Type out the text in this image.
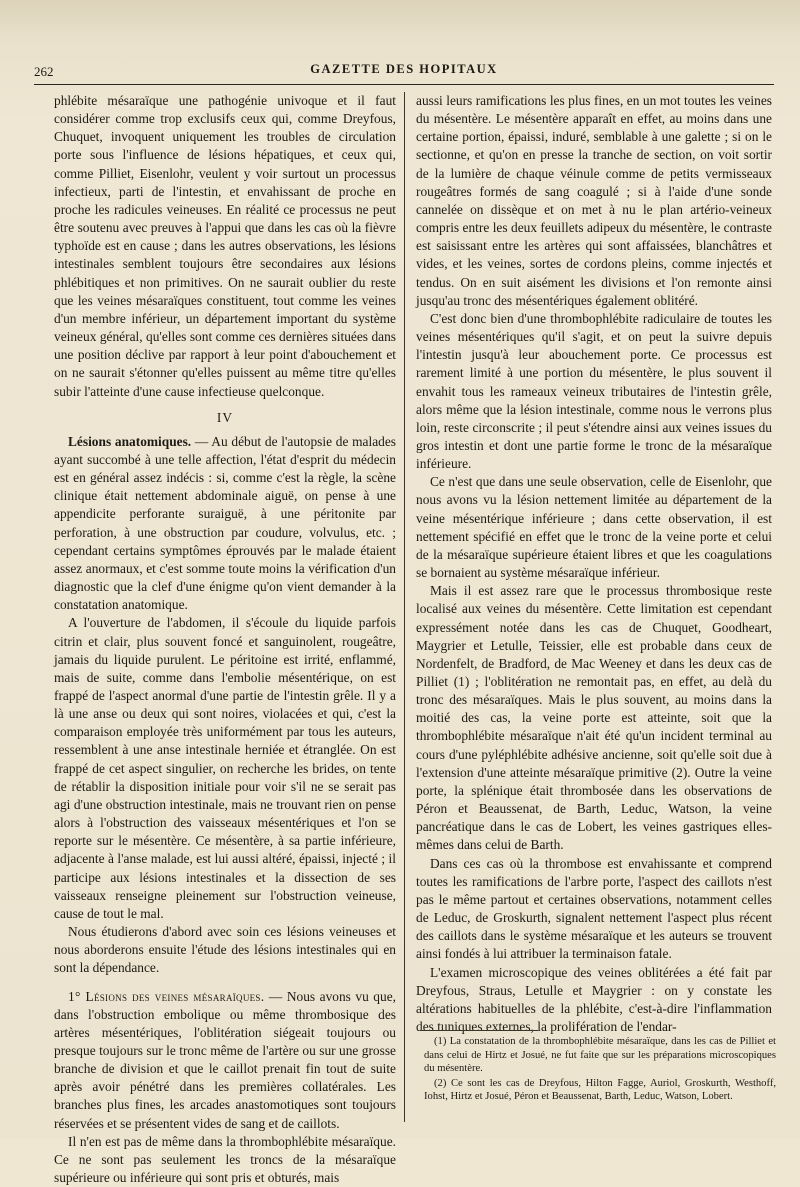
262	GAZETTE DES HOPITAUX

phlébite mésaraïque une pathogénie univoque et il faut considérer comme trop exclusifs ceux qui, comme Dreyfous, Chuquet, invoquent uniquement les troubles de circulation porte sous l'influence de lésions hépatiques, et ceux qui, comme Pilliet, Eisenlohr, veulent y voir surtout un processus infectieux, parti de l'intestin, et envahissant de proche en proche les radicules veineuses. En réalité ce processus ne peut être soutenu avec preuves à l'appui que dans les cas où la fièvre typhoïde est en cause ; dans les autres observations, les lésions intestinales semblent toujours être secondaires aux lésions phlébitiques et non primitives. On ne saurait oublier du reste que les veines mésaraïques constituent, tout comme les veines d'un membre inférieur, un département important du système veineux général, qu'elles sont comme ces dernières situées dans une position déclive par rapport à leur point d'abouchement et on ne saurait s'étonner qu'elles puissent au même titre qu'elles subir l'atteinte d'une cause infectieuse quelconque.

IV

Lésions anatomiques. — Au début de l'autopsie de malades ayant succombé à une telle affection, l'état d'esprit du médecin est en général assez indécis : si, comme c'est la règle, la scène clinique était nettement abdominale aiguë, on pense à une appendicite perforante suraiguë, à une péritonite par perforation, à une obstruction par coudure, volvulus, etc. ; cependant certains symptômes éprouvés par le malade étaient assez anormaux, et c'est somme toute moins la vérification d'un diagnostic que la clef d'une énigme qu'on vient demander à la constatation anatomique.

A l'ouverture de l'abdomen, il s'écoule du liquide parfois citrin et clair, plus souvent foncé et sanguinolent, rougeâtre, jamais du liquide purulent. Le péritoine est irrité, enflammé, mais de suite, comme dans l'embolie mésentérique, on est frappé de l'aspect anormal d'une partie de l'intestin grêle. Il y a là une anse ou deux qui sont noires, violacées et qui, c'est la comparaison employée très uniformément par tous les auteurs, ressemblent à une anse intestinale herniée et étranglée. On est frappé de cet aspect singulier, on recherche les brides, on tente de rétablir la disposition initiale pour voir s'il ne se serait pas agi d'une obstruction intestinale, mais ne trouvant rien on pense alors à l'obstruction des vaisseaux mésentériques et l'on se reporte sur le mésentère. Ce mésentère, à sa partie inférieure, adjacente à l'anse malade, est lui aussi altéré, épaissi, injecté ; il participe aux lésions intestinales et la dissection de ses vaisseaux renseigne pleinement sur l'obstruction veineuse, cause de tout le mal.

Nous étudierons d'abord avec soin ces lésions veineuses et nous aborderons ensuite l'étude des lésions intestinales qui en sont la dépendance.

1° Lésions des veines mésaraïques. — Nous avons vu que, dans l'obstruction embolique ou même thrombosique des artères mésentériques, l'oblitération siégeait toujours ou presque toujours sur le tronc même de l'artère ou sur une grosse branche de division et que le caillot prenait fin tout de suite après avoir pénétré dans les premières collatérales. Les branches plus fines, les arcades anastomotiques sont toujours réservées et se présentent vides de sang et de caillots.

Il n'en est pas de même dans la thrombophlébite mésaraïque. Ce ne sont pas seulement les troncs de la mésaraïque supérieure ou inférieure qui sont pris et obturés, mais

aussi leurs ramifications les plus fines, en un mot toutes les veines du mésentère. Le mésentère apparaît en effet, au moins dans une certaine portion, épaissi, induré, semblable à une galette ; si on le sectionne, et qu'on en presse la tranche de section, on voit sortir de la lumière de chaque véinule comme de petits vermisseaux rougeâtres formés de sang coagulé ; si à l'aide d'une sonde cannelée on dissèque et on met à nu le plan artério-veineux compris entre les deux feuillets adipeux du mésentère, le contraste est saisissant entre les artères qui sont affaissées, blanchâtres et vides, et les veines, sortes de cordons pleins, comme injectés et tendus. On en suit aisément les divisions et l'on remonte ainsi jusqu'au tronc des mésentériques également oblitéré.

C'est donc bien d'une thrombophlébite radiculaire de toutes les veines mésentériques qu'il s'agit, et on peut la suivre depuis l'intestin jusqu'à leur abouchement porte. Ce processus est rarement limité à une portion du mésentère, le plus souvent il envahit tous les rameaux veineux tributaires de l'intestin grêle, alors même que la lésion intestinale, comme nous le verrons plus loin, reste circonscrite ; il peut s'étendre ainsi aux veines issues du gros intestin et dont une partie forme le tronc de la mésaraïque inférieure.

Ce n'est que dans une seule observation, celle de Eisenlohr, que nous avons vu la lésion nettement limitée au département de la veine mésentérique inférieure ; dans cette observation, il est nettement spécifié en effet que le tronc de la veine porte et celui de la mésaraïque supérieure étaient libres et que les coagulations se bornaient au système mésaraïque inférieur.

Mais il est assez rare que le processus thrombosique reste localisé aux veines du mésentère. Cette limitation est cependant expressément notée dans les cas de Chuquet, Goodheart, Maygrier et Letulle, Teissier, elle est probable dans ceux de Nordenfelt, de Bradford, de Mac Weeney et dans les deux cas de Pilliet (1) ; l'oblitération ne remontait pas, en effet, au delà du tronc des mésaraïques. Mais le plus souvent, au moins dans la moitié des cas, la veine porte est atteinte, soit que la thrombophlébite mésaraïque n'ait été qu'un incident terminal au cours d'une pyléphlébite adhésive ancienne, soit qu'elle soit due à l'extension d'une atteinte mésaraïque primitive (2). Outre la veine porte, la splénique était thrombosée dans les observations de Péron et Beaussenat, de Barth, Leduc, Watson, la veine pancréatique dans le cas de Lobert, les veines gastriques elles-mêmes dans celui de Barth.

Dans ces cas où la thrombose est envahissante et comprend toutes les ramifications de l'arbre porte, l'aspect des caillots n'est pas le même partout et certaines observations, notamment celles de Leduc, de Groskurth, signalent nettement l'aspect plus récent des caillots dans le système mésaraïque et les auteurs se trouvent ainsi fondés à lui attribuer la terminaison fatale.

L'examen microscopique des veines oblitérées a été fait par Dreyfous, Straus, Letulle et Maygrier : on y constate les altérations habituelles de la phlébite, c'est-à-dire l'inflammation des tuniques externes, la prolifération de l'endar-

(1) La constatation de la thrombophlébite mésaraïque, dans les cas de Pilliet et dans celui de Hirtz et Josué, ne fut faite que sur les préparations microscopiques du mésentère.

(2) Ce sont les cas de Dreyfous, Hilton Fagge, Auriol, Groskurth, Westhoff, Iohst, Hirtz et Josué, Péron et Beaussenat, Barth, Leduc, Watson, Lobert.
